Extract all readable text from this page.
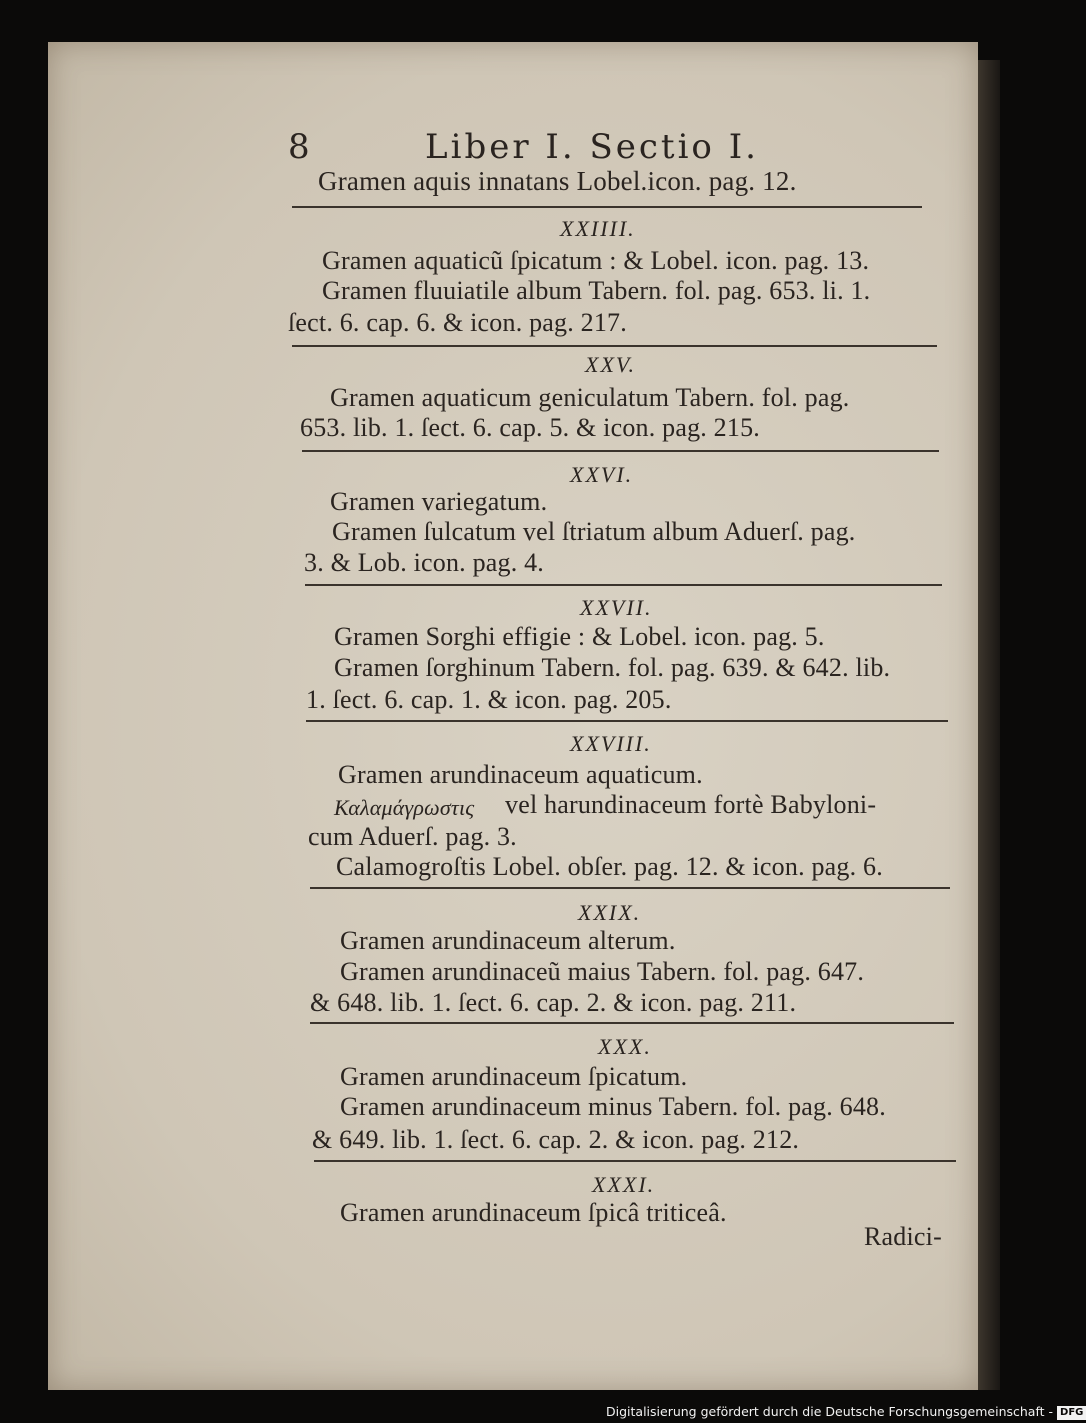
8	Liber I. Sectio I.
Gramen aquis innatans Lobel.icon. pag. 12.
XXIIII.
Gramen aquaticũ ſpicatum : & Lobel. icon. pag. 13.
Gramen fluuiatile album Tabern. fol. pag. 653. li. 1.
ſect. 6. cap. 6. & icon. pag. 217.
XXV.
Gramen aquaticum geniculatum Tabern. fol. pag.
653. lib. 1. ſect. 6. cap. 5. & icon. pag. 215.
XXVI.
Gramen variegatum.
Gramen ſulcatum vel ſtriatum album Aduerſ. pag.
3. & Lob. icon. pag. 4.
XXVII.
Gramen Sorghi effigie : & Lobel. icon. pag. 5.
Gramen ſorghinum Tabern. fol. pag. 639. & 642. lib.
1. ſect. 6. cap. 1. & icon. pag. 205.
XXVIII.
Gramen arundinaceum aquaticum.
Καλαμάγρωστις vel harundinaceum fortè Babyloni-
cum Aduerſ. pag. 3.
Calamogroſtis Lobel. obſer. pag. 12. & icon. pag. 6.
XXIX.
Gramen arundinaceum alterum.
Gramen arundinaceũ maius Tabern. fol. pag. 647.
& 648. lib. 1. ſect. 6. cap. 2. & icon. pag. 211.
XXX.
Gramen arundinaceum ſpicatum.
Gramen arundinaceum minus Tabern. fol. pag. 648.
& 649. lib. 1. ſect. 6. cap. 2. & icon. pag. 212.
XXXI.
Gramen arundinaceum ſpicâ triticeâ.
Radici-
Digitalisierung gefördert durch die Deutsche Forschungsgemeinschaft - DFG
